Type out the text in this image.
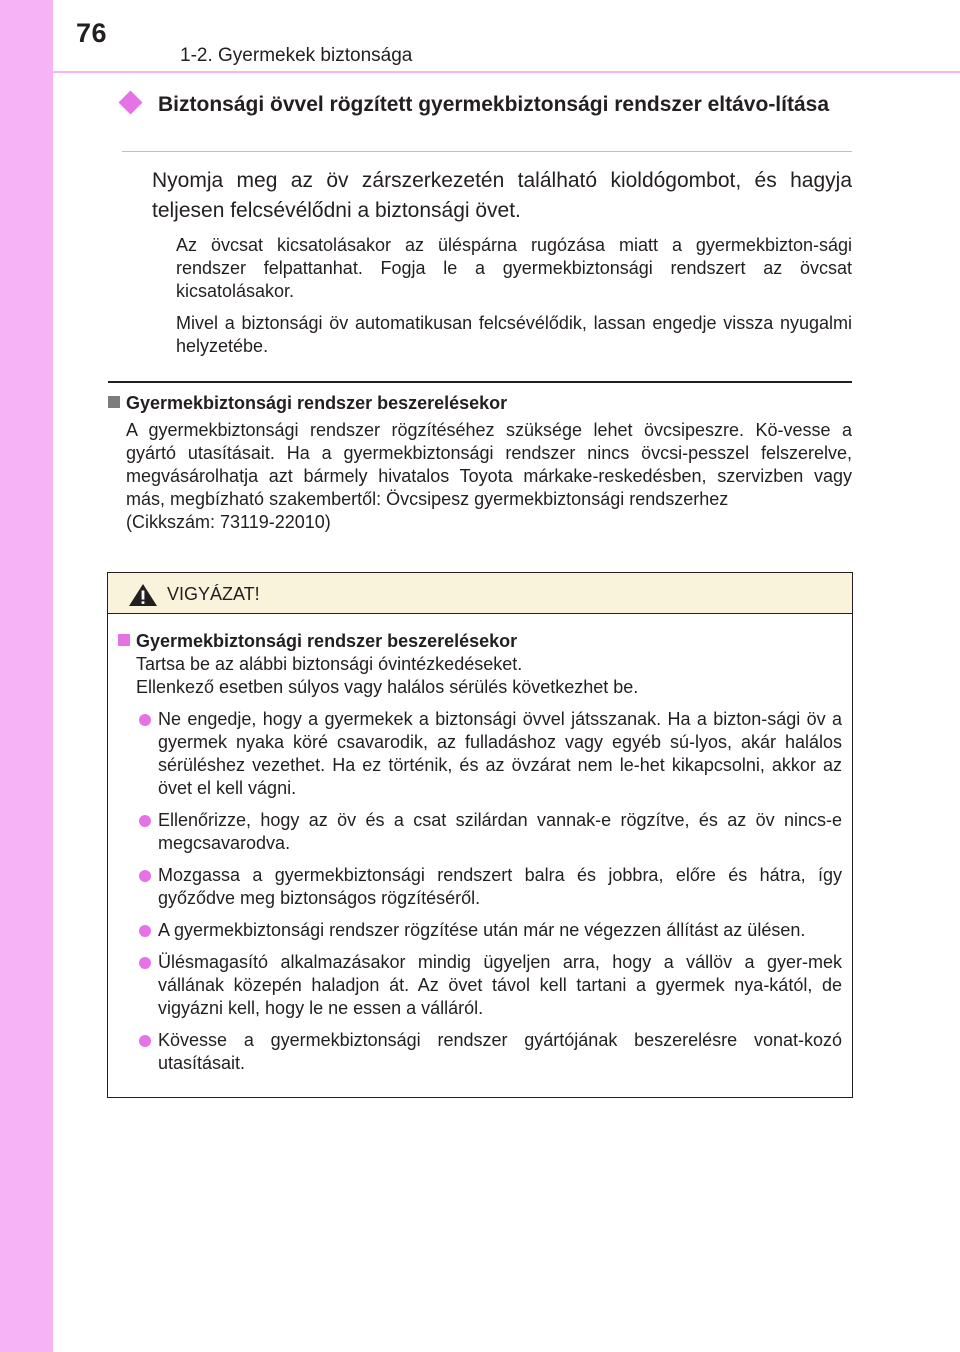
76
1-2. Gyermekek biztonsága
Biztonsági övvel rögzített gyermekbiztonsági rendszer eltávo-lítása

Nyomja meg az öv zárszerkezetén található kioldógombot, és hagyja teljesen felcsévélődni a biztonsági övet.

Az övcsat kicsatolásakor az üléspárna rugózása miatt a gyermekbizton-sági rendszer felpattanhat. Fogja le a gyermekbiztonsági rendszert az övcsat kicsatolásakor.

Mivel a biztonsági öv automatikusan felcsévélődik, lassan engedje vissza nyugalmi helyzetébe.

Gyermekbiztonsági rendszer beszerelésekor

A gyermekbiztonsági rendszer rögzítéséhez szüksége lehet övcsipeszre. Kö-vesse a gyártó utasításait. Ha a gyermekbiztonsági rendszer nincs övcsi-pesszel felszerelve, megvásárolhatja azt bármely hivatalos Toyota márkake-reskedésben, szervizben vagy más, megbízható szakembertől: Övcsipesz gyermekbiztonsági rendszerhez

(Cikkszám: 73119-22010)

VIGYÁZAT!
Gyermekbiztonsági rendszer beszerelésekor

Tartsa be az alábbi biztonsági óvintézkedéseket.

Ellenkező esetben súlyos vagy halálos sérülés következhet be.

Ne engedje, hogy a gyermekek a biztonsági övvel játsszanak. Ha a bizton-sági öv a gyermek nyaka köré csavarodik, az fulladáshoz vagy egyéb sú-lyos, akár halálos sérüléshez vezethet. Ha ez történik, és az övzárat nem le-het kikapcsolni, akkor az övet el kell vágni.
Ellenőrizze, hogy az öv és a csat szilárdan vannak-e rögzítve, és az öv nincs-e megcsavarodva.
Mozgassa a gyermekbiztonsági rendszert balra és jobbra, előre és hátra, így győződve meg biztonságos rögzítéséről.
A gyermekbiztonsági rendszer rögzítése után már ne végezzen állítást az ülésen.
Ülésmagasító alkalmazásakor mindig ügyeljen arra, hogy a vállöv a gyer-mek vállának közepén haladjon át. Az övet távol kell tartani a gyermek nya-kától, de vigyázni kell, hogy le ne essen a válláról.
Kövesse a gyermekbiztonsági rendszer gyártójának beszerelésre vonat-kozó utasításait.
